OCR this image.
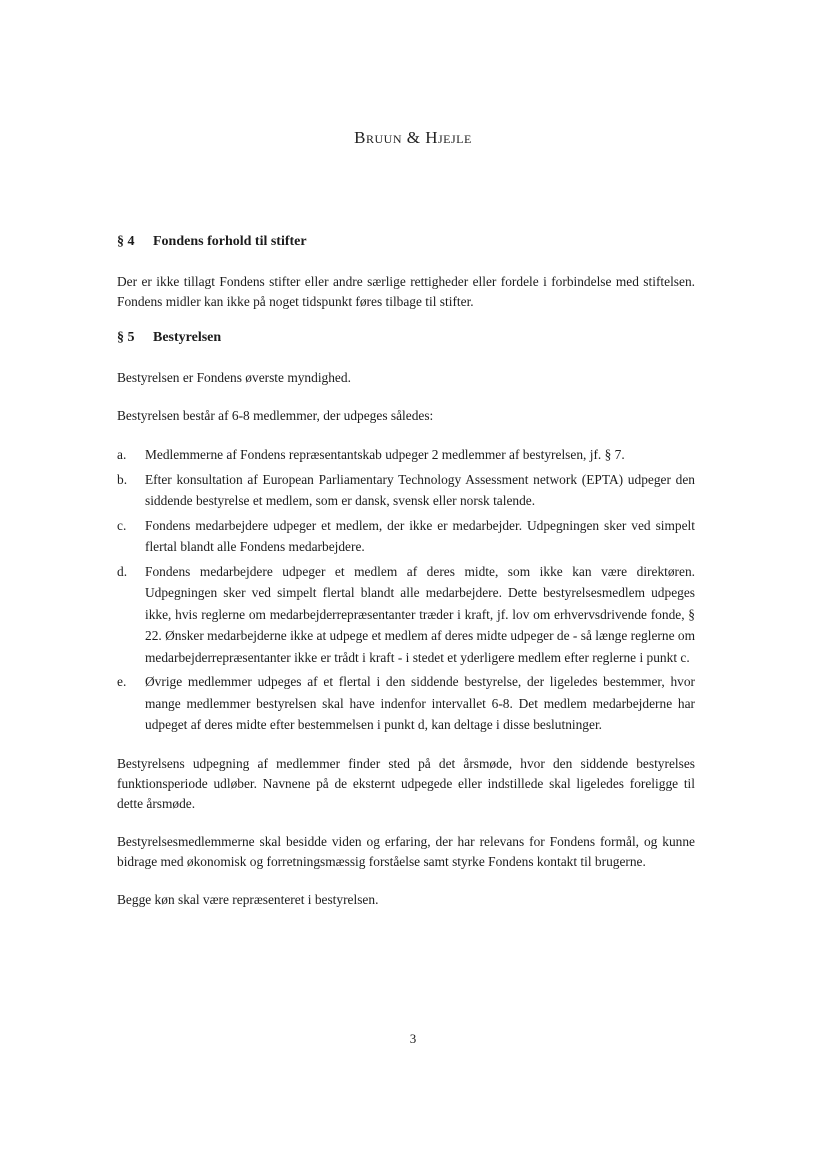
Bruun & Hjejle
§ 4	Fondens forhold til stifter

Der er ikke tillagt Fondens stifter eller andre særlige rettigheder eller fordele i forbindelse med stiftelsen. Fondens midler kan ikke på noget tidspunkt føres tilbage til stifter.

§ 5	Bestyrelsen

Bestyrelsen er Fondens øverste myndighed.

Bestyrelsen består af 6-8 medlemmer, der udpeges således:

a.	Medlemmerne af Fondens repræsentantskab udpeger 2 medlemmer af bestyrelsen, jf. § 7.
b.	Efter konsultation af European Parliamentary Technology Assessment network (EPTA) udpeger den siddende bestyrelse et medlem, som er dansk, svensk eller norsk talende.
c.	Fondens medarbejdere udpeger et medlem, der ikke er medarbejder. Udpegningen sker ved simpelt flertal blandt alle Fondens medarbejdere.
d.	Fondens medarbejdere udpeger et medlem af deres midte, som ikke kan være direktøren. Udpegningen sker ved simpelt flertal blandt alle medarbejdere. Dette bestyrelsesmedlem udpeges ikke, hvis reglerne om medarbejderrepræsentanter træder i kraft, jf. lov om erhvervsdrivende fonde, § 22. Ønsker medarbejderne ikke at udpege et medlem af deres midte udpeger de - så længe reglerne om medarbejderrepræsentanter ikke er trådt i kraft - i stedet et yderligere medlem efter reglerne i punkt c.
e.	Øvrige medlemmer udpeges af et flertal i den siddende bestyrelse, der ligeledes bestemmer, hvor mange medlemmer bestyrelsen skal have indenfor intervallet 6-8. Det medlem medarbejderne har udpeget af deres midte efter bestemmelsen i punkt d, kan deltage i disse beslutninger.

Bestyrelsens udpegning af medlemmer finder sted på det årsmøde, hvor den siddende bestyrelses funktionsperiode udløber. Navnene på de eksternt udpegede eller indstillede skal ligeledes foreligge til dette årsmøde.

Bestyrelsesmedlemmerne skal besidde viden og erfaring, der har relevans for Fondens formål, og kunne bidrage med økonomisk og forretningsmæssig forståelse samt styrke Fondens kontakt til brugerne.

Begge køn skal være repræsenteret i bestyrelsen.

3
